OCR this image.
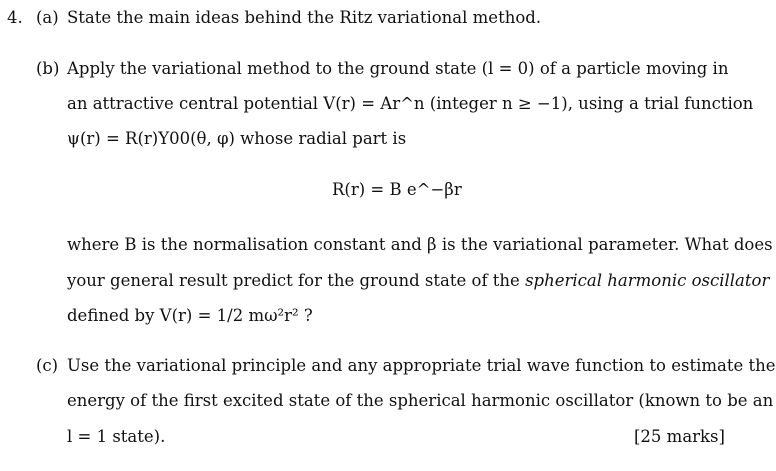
4. (a) State the main ideas behind the Ritz variational method.
(b) Apply the variational method to the ground state (l = 0) of a particle moving in
an attractive central potential V(r) = Ar^n (integer n ≥ −1), using a trial function
ψ(r) = R(r)Y00(θ, φ) whose radial part is
R(r) = B e^−βr
where B is the normalisation constant and β is the variational parameter. What does
your general result predict for the ground state of the spherical harmonic oscillator
defined by V(r) = 1/2 mω²r² ?
(c) Use the variational principle and any appropriate trial wave function to estimate the
energy of the first excited state of the spherical harmonic oscillator (known to be an
l = 1 state).	[25 marks]
